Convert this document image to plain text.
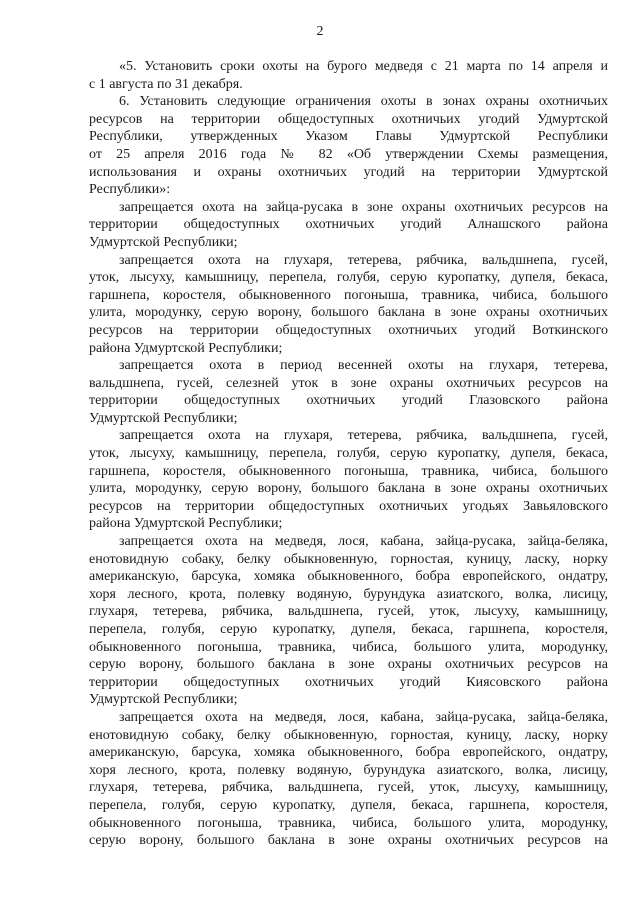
2
«5. Установить сроки охоты на бурого медведя с 21 марта по 14 апреля и
с 1 августа по 31 декабря.
6. Установить следующие ограничения охоты в зонах охраны охотничьих
ресурсов на территории общедоступных охотничьих угодий Удмуртской
Республики, утвержденных Указом Главы Удмуртской Республики
от 25 апреля 2016 года № 82 «Об утверждении Схемы размещения,
использования и охраны охотничьих угодий на территории Удмуртской
Республики»:
запрещается охота на зайца-русака в зоне охраны охотничьих ресурсов на
территории общедоступных охотничьих угодий Алнашского района
Удмуртской Республики;
запрещается охота на глухаря, тетерева, рябчика, вальдшнепа, гусей,
уток, лысуху, камышницу, перепела, голубя, серую куропатку, дупеля, бекаса,
гаршнепа, коростеля, обыкновенного погоныша, травника, чибиса, большого
улита, мородунку, серую ворону, большого баклана в зоне охраны охотничьих
ресурсов на территории общедоступных охотничьих угодий Воткинского
района Удмуртской Республики;
запрещается охота в период весенней охоты на глухаря, тетерева,
вальдшнепа, гусей, селезней уток в зоне охраны охотничьих ресурсов на
территории общедоступных охотничьих угодий Глазовского района
Удмуртской Республики;
запрещается охота на глухаря, тетерева, рябчика, вальдшнепа, гусей,
уток, лысуху, камышницу, перепела, голубя, серую куропатку, дупеля, бекаса,
гаршнепа, коростеля, обыкновенного погоныша, травника, чибиса, большого
улита, мородунку, серую ворону, большого баклана в зоне охраны охотничьих
ресурсов на территории общедоступных охотничьих угодьях Завьяловского
района Удмуртской Республики;
запрещается охота на медведя, лося, кабана, зайца-русака, зайца-беляка,
енотовидную собаку, белку обыкновенную, горностая, куницу, ласку, норку
американскую, барсука, хомяка обыкновенного, бобра европейского, ондатру,
хоря лесного, крота, полевку водяную, бурундука азиатского, волка, лисицу,
глухаря, тетерева, рябчика, вальдшнепа, гусей, уток, лысуху, камышницу,
перепела, голубя, серую куропатку, дупеля, бекаса, гаршнепа, коростеля,
обыкновенного погоныша, травника, чибиса, большого улита, мородунку,
серую ворону, большого баклана в зоне охраны охотничьих ресурсов на
территории общедоступных охотничьих угодий Киясовского района
Удмуртской Республики;
запрещается охота на медведя, лося, кабана, зайца-русака, зайца-беляка,
енотовидную собаку, белку обыкновенную, горностая, куницу, ласку, норку
американскую, барсука, хомяка обыкновенного, бобра европейского, ондатру,
хоря лесного, крота, полевку водяную, бурундука азиатского, волка, лисицу,
глухаря, тетерева, рябчика, вальдшнепа, гусей, уток, лысуху, камышницу,
перепела, голубя, серую куропатку, дупеля, бекаса, гаршнепа, коростеля,
обыкновенного погоныша, травника, чибиса, большого улита, мородунку,
серую ворону, большого баклана в зоне охраны охотничьих ресурсов на
